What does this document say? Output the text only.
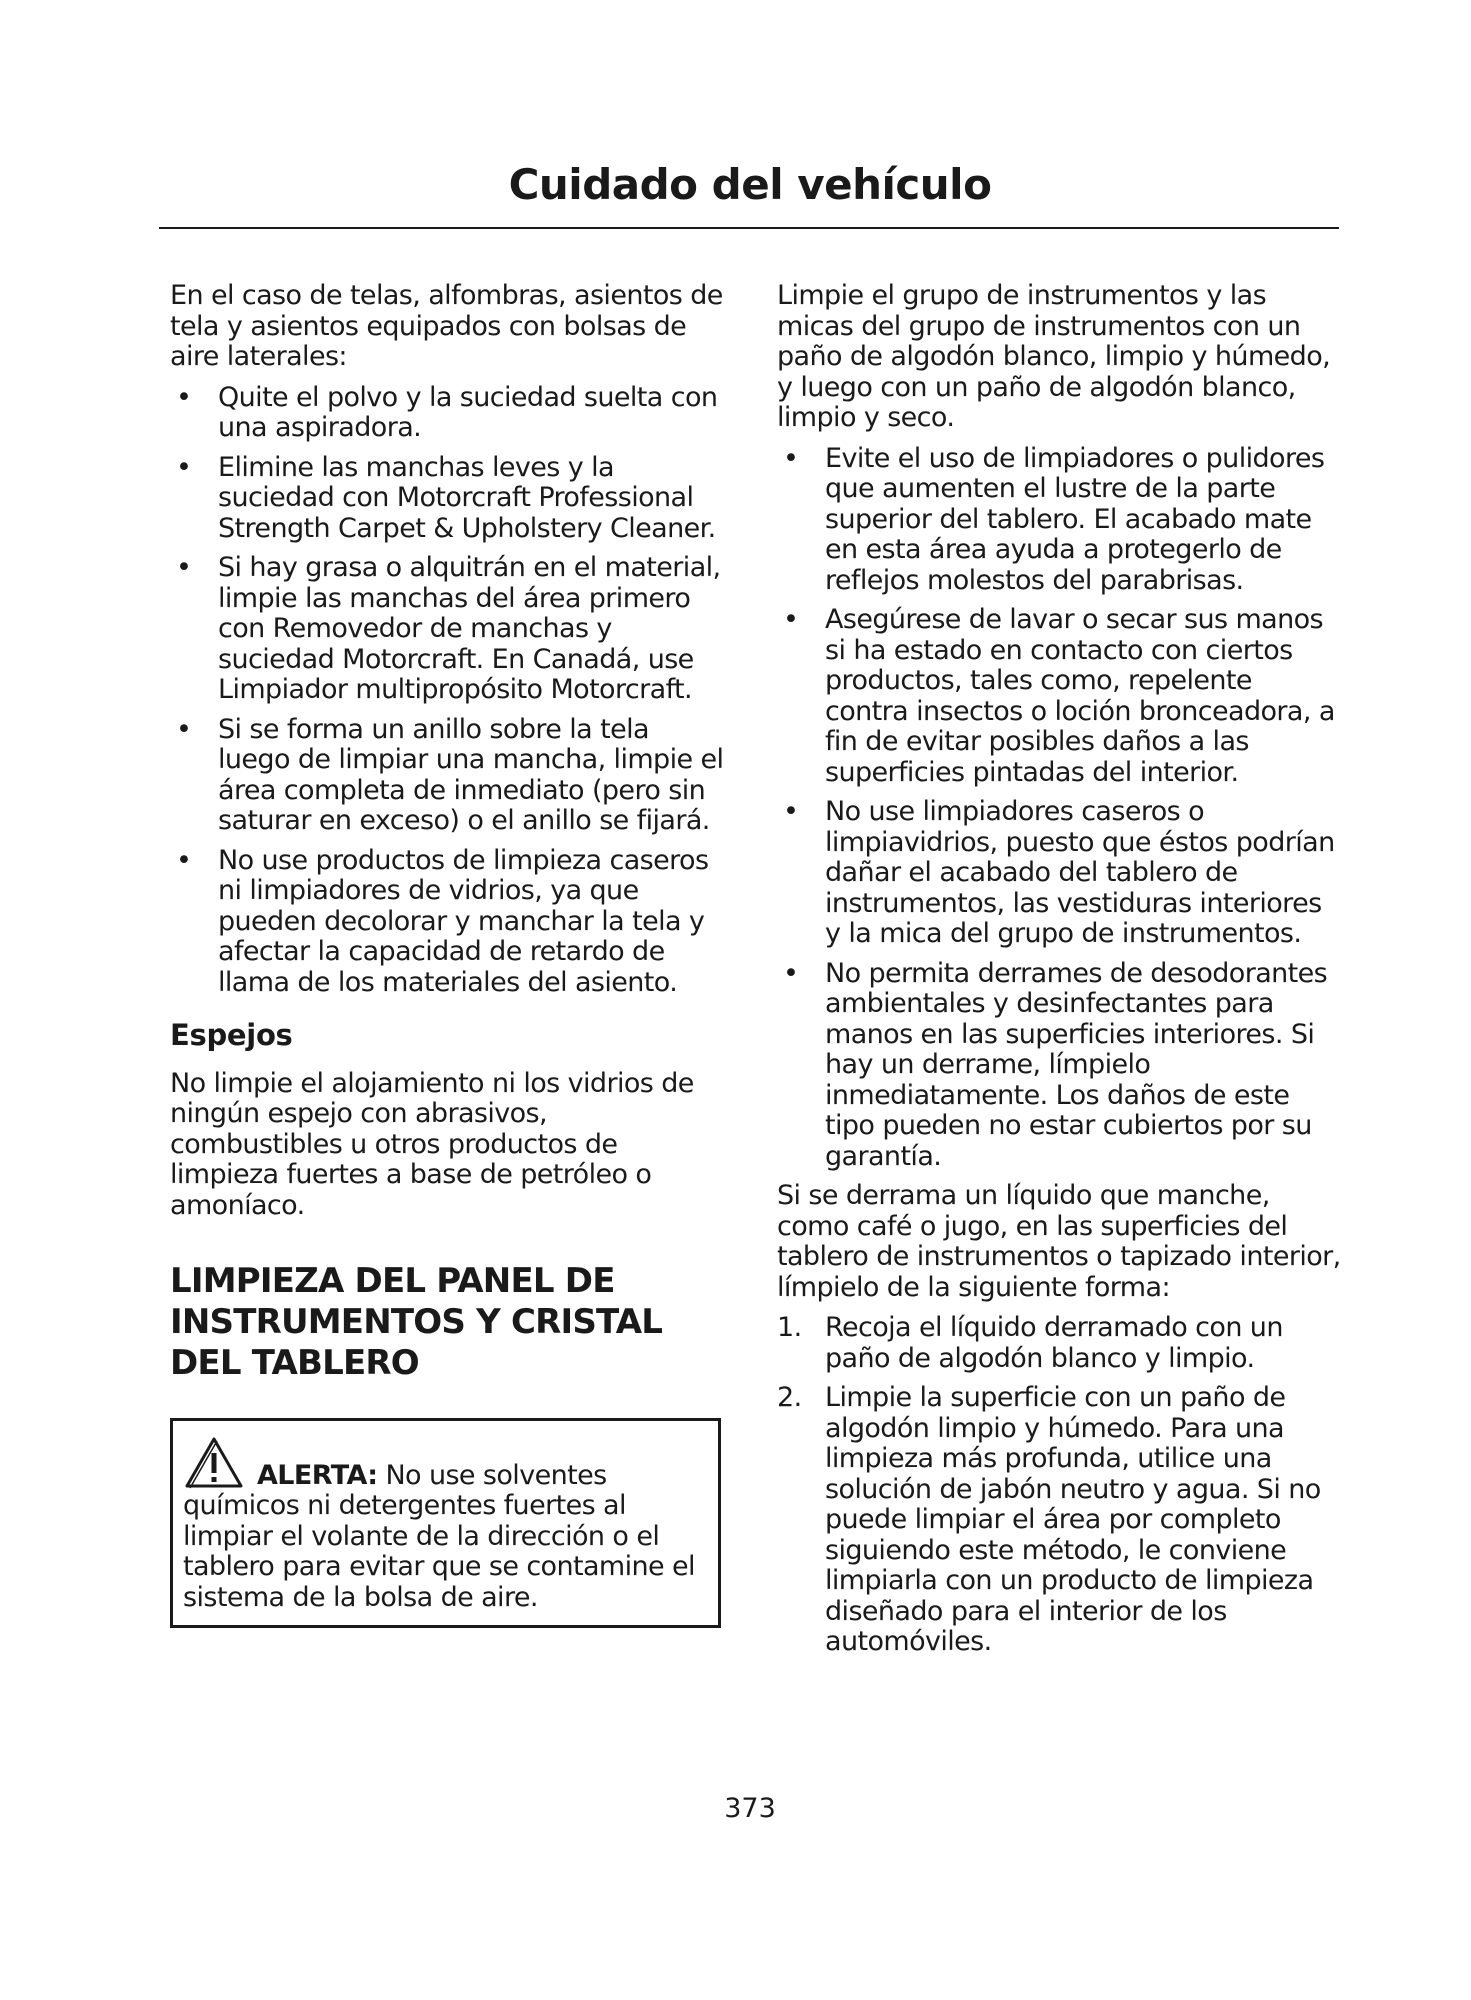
Cuidado del vehículo

En el caso de telas, alfombras, asientos de tela y asientos equipados con bolsas de aire laterales:

• Quite el polvo y la suciedad suelta con una aspiradora.
• Elimine las manchas leves y la suciedad con Motorcraft Professional Strength Carpet & Upholstery Cleaner.
• Si hay grasa o alquitrán en el material, limpie las manchas del área primero con Removedor de manchas y suciedad Motorcraft. En Canadá, use Limpiador multipropósito Motorcraft.
• Si se forma un anillo sobre la tela luego de limpiar una mancha, limpie el área completa de inmediato (pero sin saturar en exceso) o el anillo se fijará.
• No use productos de limpieza caseros ni limpiadores de vidrios, ya que pueden decolorar y manchar la tela y afectar la capacidad de retardo de llama de los materiales del asiento.
Espejos

No limpie el alojamiento ni los vidrios de ningún espejo con abrasivos, combustibles u otros productos de limpieza fuertes a base de petróleo o amoníaco.

LIMPIEZA DEL PANEL DE
INSTRUMENTOS Y CRISTAL
DEL TABLERO
ALERTA: No use solventes
químicos ni detergentes fuertes al limpiar el volante de la dirección o el tablero para evitar que se contamine el sistema de la bolsa de aire.

Limpie el grupo de instrumentos y las micas del grupo de instrumentos con un paño de algodón blanco, limpio y húmedo, y luego con un paño de algodón blanco, limpio y seco.

• Evite el uso de limpiadores o pulidores que aumenten el lustre de la parte superior del tablero. El acabado mate en esta área ayuda a protegerlo de reflejos molestos del parabrisas.
• Asegúrese de lavar o secar sus manos si ha estado en contacto con ciertos productos, tales como, repelente contra insectos o loción bronceadora, a fin de evitar posibles daños a las superficies pintadas del interior.
• No use limpiadores caseros o limpiavidrios, puesto que éstos podrían dañar el acabado del tablero de instrumentos, las vestiduras interiores y la mica del grupo de instrumentos.
• No permita derrames de desodorantes ambientales y desinfectantes para manos en las superficies interiores. Si hay un derrame, límpielo inmediatamente. Los daños de este tipo pueden no estar cubiertos por su garantía.

Si se derrama un líquido que manche, como café o jugo, en las superficies del tablero de instrumentos o tapizado interior, límpielo de la siguiente forma:

1. Recoja el líquido derramado con un paño de algodón blanco y limpio.
2. Limpie la superficie con un paño de algodón limpio y húmedo. Para una limpieza más profunda, utilice una solución de jabón neutro y agua. Si no puede limpiar el área por completo siguiendo este método, le conviene limpiarla con un producto de limpieza diseñado para el interior de los automóviles.
373
